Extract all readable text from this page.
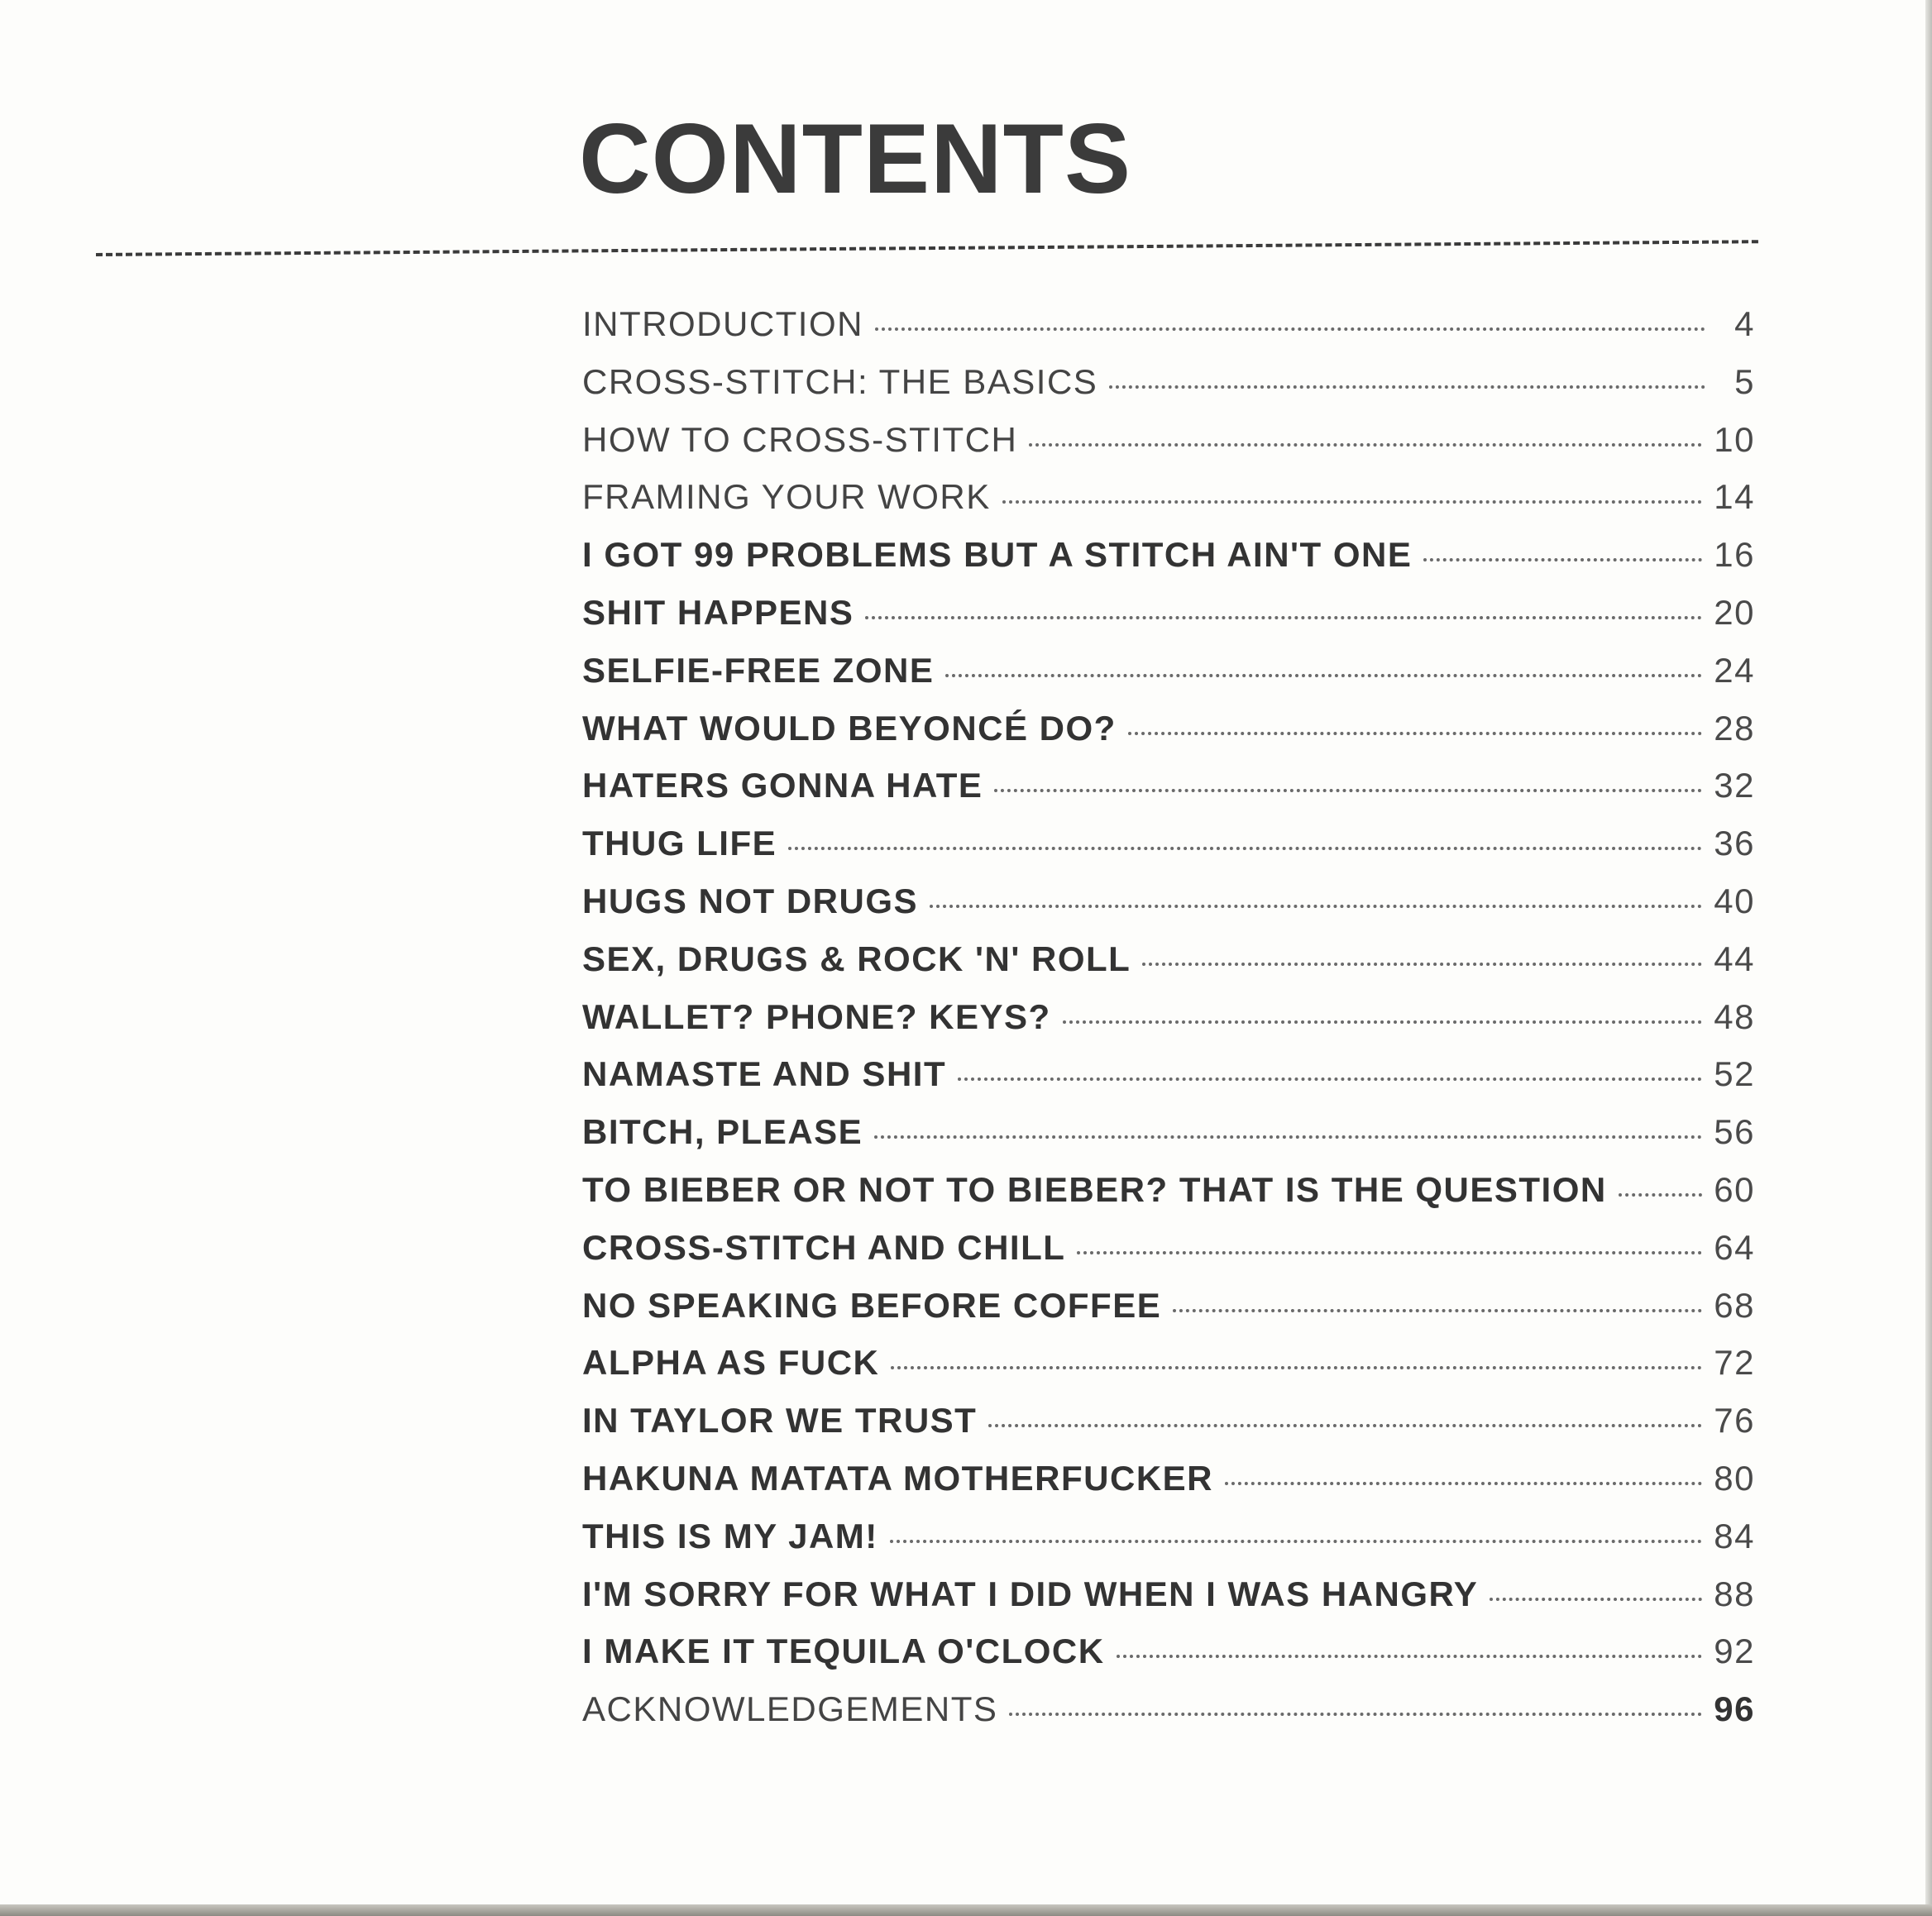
CONTENTS
INTRODUCTION	4
CROSS-STITCH: THE BASICS	5
HOW TO CROSS-STITCH	10
FRAMING YOUR WORK	14
I GOT 99 PROBLEMS BUT A STITCH AIN'T ONE	16
SHIT HAPPENS	20
SELFIE-FREE ZONE	24
WHAT WOULD BEYONCÉ DO?	28
HATERS GONNA HATE	32
THUG LIFE	36
HUGS NOT DRUGS	40
SEX, DRUGS & ROCK 'N' ROLL	44
WALLET? PHONE? KEYS?	48
NAMASTE AND SHIT	52
BITCH, PLEASE	56
TO BIEBER OR NOT TO BIEBER? THAT IS THE QUESTION	60
CROSS-STITCH AND CHILL	64
NO SPEAKING BEFORE COFFEE	68
ALPHA AS FUCK	72
IN TAYLOR WE TRUST	76
HAKUNA MATATA MOTHERFUCKER	80
THIS IS MY JAM!	84
I'M SORRY FOR WHAT I DID WHEN I WAS HANGRY	88
I MAKE IT TEQUILA O'CLOCK	92
ACKNOWLEDGEMENTS	96
